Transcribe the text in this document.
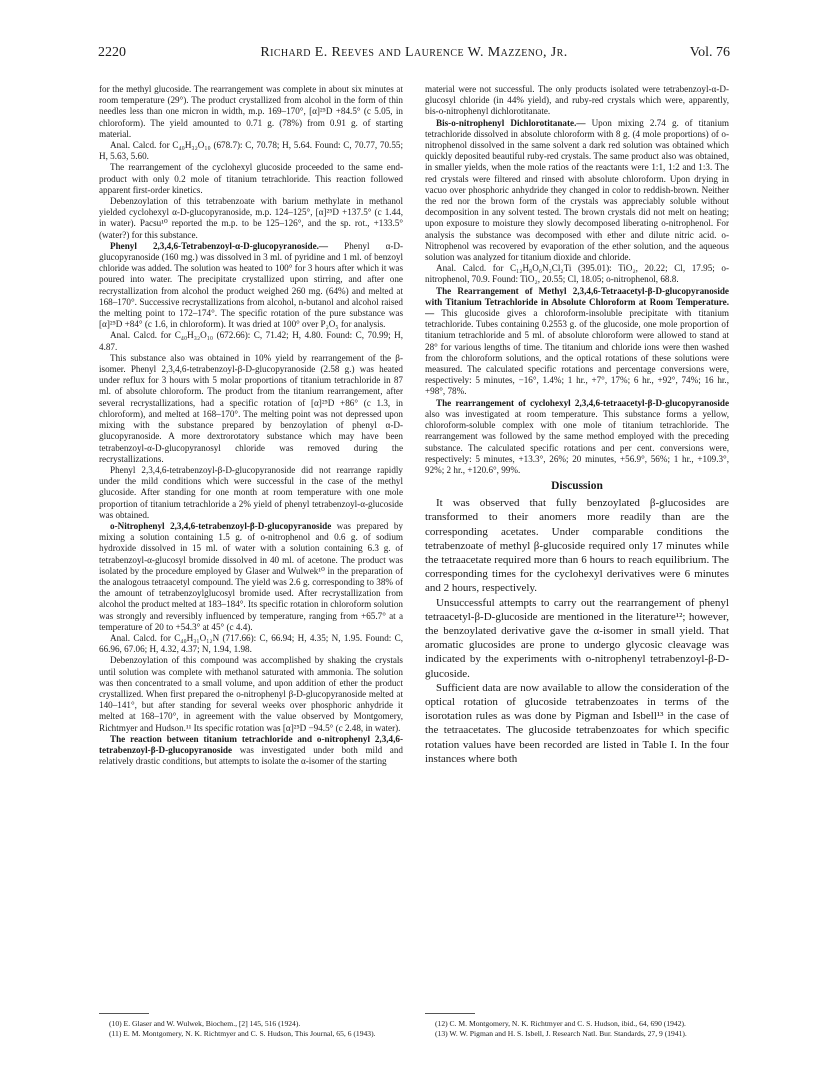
2220	Richard E. Reeves and Laurence W. Mazzeno, Jr.	Vol. 76

for the methyl glucoside. The rearrangement was complete in about six minutes at room temperature (29°). The product crystallized from alcohol in the form of thin needles less than one micron in width, m.p. 169–170°, [α]²⁵D +84.5° (c 5.05, in chloroform). The yield amounted to 0.71 g. (78%) from 0.91 g. of starting material.

Anal. Calcd. for C₄₀H₃₂O₁₀ (678.7): C, 70.78; H, 5.64. Found: C, 70.77, 70.55; H, 5.63, 5.60.

The rearrangement of the cyclohexyl glucoside proceeded to the same end-product with only 0.2 mole of titanium tetrachloride. This reaction followed apparent first-order kinetics.

Debenzoylation of this tetrabenzoate with barium methylate in methanol yielded cyclohexyl α-D-glucopyranoside, m.p. 124–125°, [α]²⁵D +137.5° (c 1.44, in water). Pacsu¹⁰ reported the m.p. to be 125–126°, and the sp. rot., +133.5° (water?) for this substance.

Phenyl 2,3,4,6-Tetrabenzoyl-α-D-glucopyranoside.— Phenyl α-D-glucopyranoside (160 mg.) was dissolved in 3 ml. of pyridine and 1 ml. of benzoyl chloride was added. The solution was heated to 100° for 3 hours after which it was poured into water. The precipitate crystallized upon stirring, and after one recrystallization from alcohol the product weighed 260 mg. (64%) and melted at 168–170°. Successive recrystallizations from alcohol, n-butanol and alcohol raised the melting point to 172–174°. The specific rotation of the pure substance was [α]²⁵D +84° (c 1.6, in chloroform). It was dried at 100° over P₂O₅ for analysis.

Anal. Calcd. for C₄₀H₃₂O₁₀ (672.66): C, 71.42; H, 4.80. Found: C, 70.99; H, 4.87.

This substance also was obtained in 10% yield by rearrangement of the β-isomer. Phenyl 2,3,4,6-tetrabenzoyl-β-D-glucopyranoside (2.58 g.) was heated under reflux for 3 hours with 5 molar proportions of titanium tetrachloride in 87 ml. of absolute chloroform. The product from the titanium rearrangement, after several recrystallizations, had a specific rotation of [α]²⁵D +86° (c 1.3, in chloroform), and melted at 168–170°. The melting point was not depressed upon mixing with the substance prepared by benzoylation of phenyl α-D-glucopyranoside. A more dextrorotatory substance which may have been tetrabenzoyl-α-D-glucopyranosyl chloride was removed during the recrystallizations.

Phenyl 2,3,4,6-tetrabenzoyl-β-D-glucopyranoside did not rearrange rapidly under the mild conditions which were successful in the case of the methyl glucoside. After standing for one month at room temperature with one mole proportion of titanium tetrachloride a 2% yield of phenyl tetrabenzoyl-α-glucoside was obtained.

o-Nitrophenyl 2,3,4,6-tetrabenzoyl-β-D-glucopyranoside was prepared by mixing a solution containing 1.5 g. of o-nitrophenol and 0.6 g. of sodium hydroxide dissolved in 15 ml. of water with a solution containing 6.3 g. of tetrabenzoyl-α-glucosyl bromide dissolved in 40 ml. of acetone. The product was isolated by the procedure employed by Glaser and Wulwek¹⁰ in the preparation of the analogous tetraacetyl compound. The yield was 2.6 g. corresponding to 38% of the amount of tetrabenzoylglucosyl bromide used. After recrystallization from alcohol the product melted at 183–184°. Its specific rotation in chloroform solution was strongly and reversibly influenced by temperature, ranging from +65.7° at a temperature of 20 to +54.3° at 45° (c 4.4).

Anal. Calcd. for C₄₀H₃₁O₁₂N (717.66): C, 66.94; H, 4.35; N, 1.95. Found: C, 66.96, 67.06; H, 4.32, 4.37; N, 1.94, 1.98.

Debenzoylation of this compound was accomplished by shaking the crystals until solution was complete with methanol saturated with ammonia. The solution was then concentrated to a small volume, and upon addition of ether the product crystallized. When first prepared the o-nitrophenyl β-D-glucopyranoside melted at 140–141°, but after standing for several weeks over phosphoric anhydride it melted at 168–170°, in agreement with the value observed by Montgomery, Richtmyer and Hudson.¹¹ Its specific rotation was [α]²⁵D −94.5° (c 2.48, in water).

The reaction between titanium tetrachloride and o-nitrophenyl 2,3,4,6-tetrabenzoyl-β-D-glucopyranoside was investigated under both mild and relatively drastic conditions, but attempts to isolate the α-isomer of the starting

material were not successful. The only products isolated were tetrabenzoyl-α-D-glucosyl chloride (in 44% yield), and ruby-red crystals which were, apparently, bis-o-nitrophenyl dichlorotitanate.

Bis-o-nitrophenyl Dichlorotitanate.— Upon mixing 2.74 g. of titanium tetrachloride dissolved in absolute chloroform with 8 g. (4 mole proportions) of o-nitrophenol dissolved in the same solvent a dark red solution was obtained which quickly deposited beautiful ruby-red crystals. The same product also was obtained, in smaller yields, when the mole ratios of the reactants were 1:1, 1:2 and 1:3. The red crystals were filtered and rinsed with absolute chloroform. Upon drying in vacuo over phosphoric anhydride they changed in color to reddish-brown. Neither the red nor the brown form of the crystals was appreciably soluble without decomposition in any solvent tested. The brown crystals did not melt on heating; upon exposure to moisture they slowly decomposed liberating o-nitrophenol. For analysis the substance was decomposed with ether and dilute nitric acid. o-Nitrophenol was recovered by evaporation of the ether solution, and the aqueous solution was analyzed for titanium dioxide and chloride.

Anal. Calcd. for C₁₂H₈O₆N₂Cl₂Ti (395.01): TiO₂, 20.22; Cl, 17.95; o-nitrophenol, 70.9. Found: TiO₂, 20.55; Cl, 18.05; o-nitrophenol, 68.8.

The Rearrangement of Methyl 2,3,4,6-Tetraacetyl-β-D-glucopyranoside with Titanium Tetrachloride in Absolute Chloroform at Room Temperature.— This glucoside gives a chloroform-insoluble precipitate with titanium tetrachloride. Tubes containing 0.2553 g. of the glucoside, one mole proportion of titanium tetrachloride and 5 ml. of absolute chloroform were allowed to stand at 28° for various lengths of time. The titanium and chloride ions were then washed from the chloroform solutions, and the optical rotations of these solutions were measured. The calculated specific rotations and percentage conversions were, respectively: 5 minutes, −16°, 1.4%; 1 hr., +7°, 17%; 6 hr., +92°, 74%; 16 hr., +98°, 78%.

The rearrangement of cyclohexyl 2,3,4,6-tetraacetyl-β-D-glucopyranoside also was investigated at room temperature. This substance forms a yellow, chloroform-soluble complex with one mole of titanium tetrachloride. The rearrangement was followed by the same method employed with the preceding substance. The calculated specific rotations and per cent. conversions were, respectively: 5 minutes, +13.3°, 26%; 20 minutes, +56.9°, 56%; 1 hr., +109.3°, 92%; 2 hr., +120.6°, 99%.

Discussion

It was observed that fully benzoylated β-glucosides are transformed to their anomers more readily than are the corresponding acetates. Under comparable conditions the tetrabenzoate of methyl β-glucoside required only 17 minutes while the tetraacetate required more than 6 hours to reach equilibrium. The corresponding times for the cyclohexyl derivatives were 6 minutes and 2 hours, respectively.

Unsuccessful attempts to carry out the rearrangement of phenyl tetraacetyl-β-D-glucoside are mentioned in the literature¹²; however, the benzoylated derivative gave the α-isomer in small yield. That aromatic glucosides are prone to undergo glycosic cleavage was indicated by the experiments with o-nitrophenyl tetrabenzoyl-β-D-glucoside.

Sufficient data are now available to allow the consideration of the optical rotation of glucoside tetrabenzoates in terms of the isorotation rules as was done by Pigman and Isbell¹³ in the case of the tetraacetates. The glucoside tetrabenzoates for which specific rotation values have been recorded are listed in Table I. In the four instances where both

(10) E. Glaser and W. Wulwek, Biochem., [2] 145, 516 (1924).

(11) E. M. Montgomery, N. K. Richtmyer and C. S. Hudson, This Journal, 65, 6 (1943).

(12) C. M. Montgomery, N. K. Richtmyer and C. S. Hudson, ibid., 64, 690 (1942).

(13) W. W. Pigman and H. S. Isbell, J. Research Natl. Bur. Standards, 27, 9 (1941).
